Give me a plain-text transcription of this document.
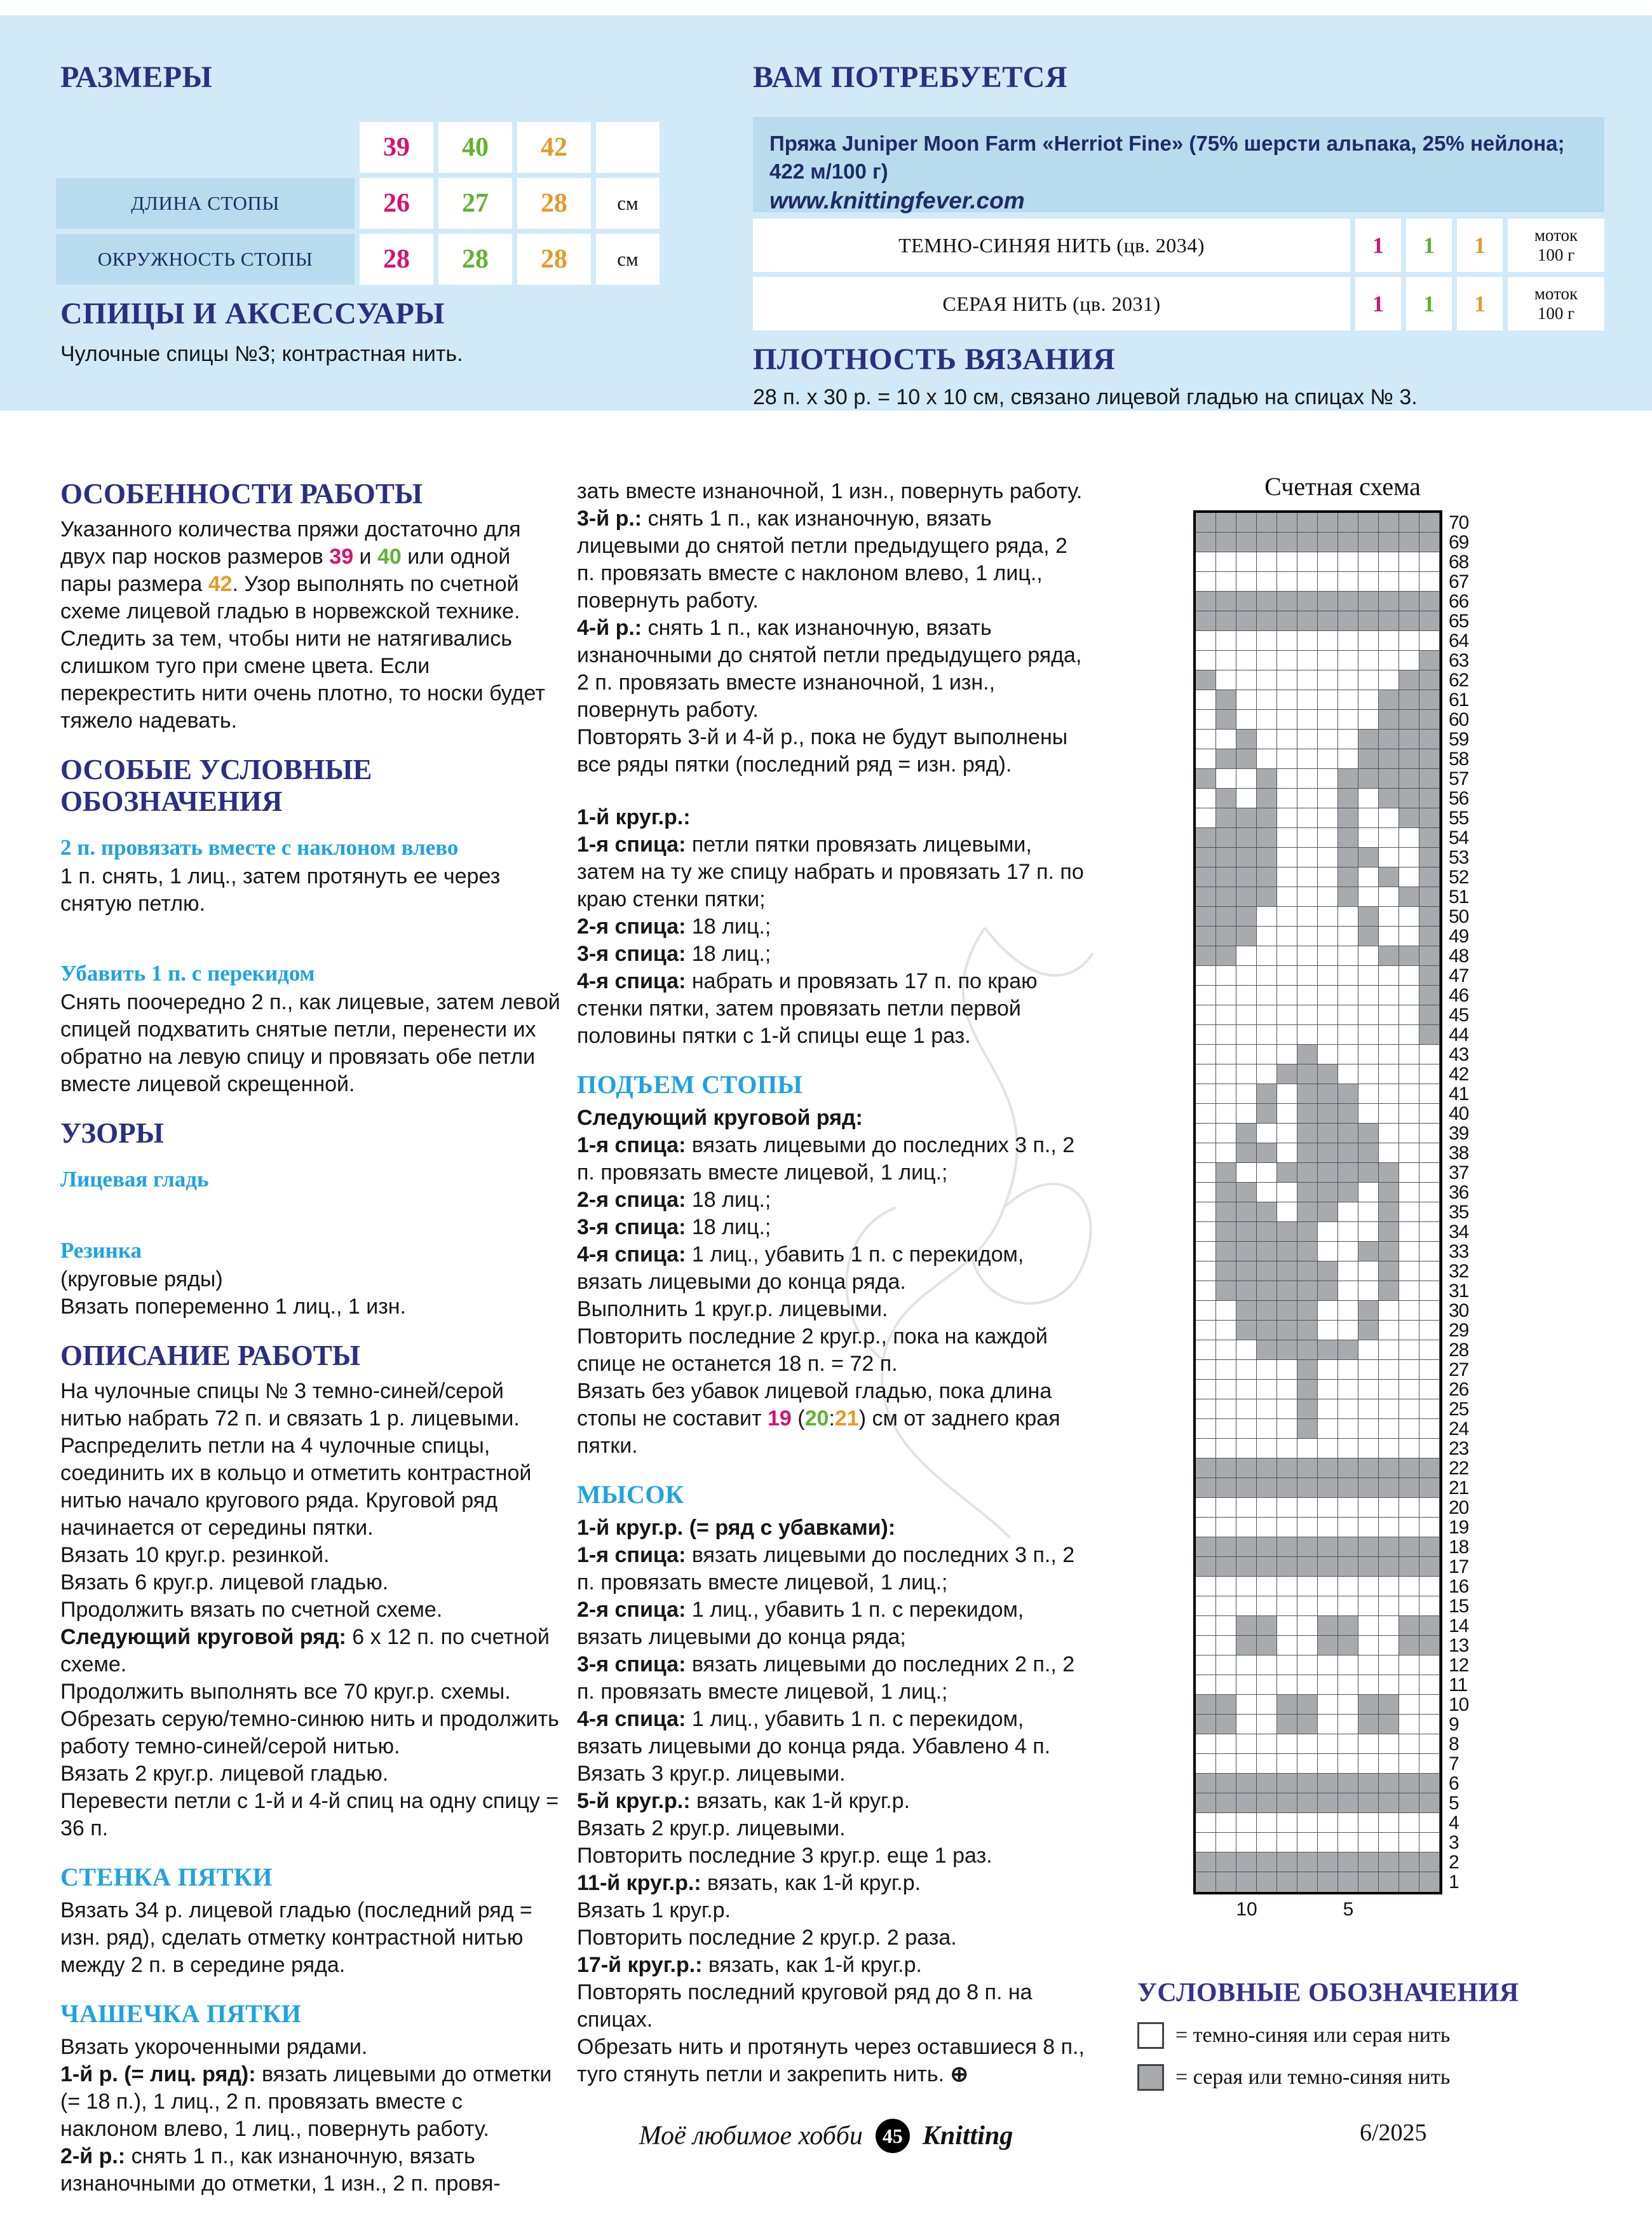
РАЗМЕРЫ
39 40 42
ДЛИНА СТОПЫ	26 27 28	см
ОКРУЖНОСТЬ СТОПЫ	28 28 28	см
СПИЦЫ И АКСЕССУАРЫ
Чулочные спицы №3; контрастная нить.
ВАМ ПОТРЕБУЕТСЯ
Пряжа Juniper Moon Farm «Herriot Fine» (75% шерсти альпака, 25% нейлона; 422 м/100 г)
www.knittingfever.com
ТЕМНО-СИНЯЯ НИТЬ (цв. 2034)	1 1 1	моток
100 г
СЕРАЯ НИТЬ (цв. 2031)	1 1 1	моток
100 г
ПЛОТНОСТЬ ВЯЗАНИЯ
28 п. х 30 р. = 10 х 10 см, связано лицевой гладью на спицах № 3.
ОСОБЕННОСТИ РАБОТЫ
Указанного количества пряжи достаточно для двух пар носков размеров 39 и 40 или одной пары размера 42. Узор выполнять по счетной схеме лицевой гладью в норвежской технике. Следить за тем, чтобы нити не натягивались слишком туго при смене цвета. Если перекрестить нити очень плотно, то носки будет тяжело надевать.
ОСОБЫЕ УСЛОВНЫЕ ОБОЗНАЧЕНИЯ
2 п. провязать вместе с наклоном влево
1 п. снять, 1 лиц., затем протянуть ее через снятую петлю.
Убавить 1 п. с перекидом
Снять поочередно 2 п., как лицевые, затем левой спицей подхватить снятые петли, перенести их обратно на левую спицу и провязать обе петли вместе лицевой скрещенной.
УЗОРЫ
Лицевая гладь
Резинка
(круговые ряды)
Вязать попеременно 1 лиц., 1 изн.
ОПИСАНИЕ РАБОТЫ
На чулочные спицы № 3 темно-синей/серой нитью набрать 72 п. и связать 1 р. лицевыми. Распределить петли на 4 чулочные спицы, соединить их в кольцо и отметить контрастной нитью начало кругового ряда. Круговой ряд начинается от середины пятки.
Вязать 10 круг.р. резинкой.
Вязать 6 круг.р. лицевой гладью.
Продолжить вязать по счетной схеме.
Следующий круговой ряд: 6 х 12 п. по счетной схеме.
Продолжить выполнять все 70 круг.р. схемы.
Обрезать серую/темно-синюю нить и продолжить работу темно-синей/серой нитью.
Вязать 2 круг.р. лицевой гладью.
Перевести петли с 1-й и 4-й спиц на одну спицу = 36 п.
СТЕНКА ПЯТКИ
Вязать 34 р. лицевой гладью (последний ряд = изн. ряд), сделать отметку контрастной нитью между 2 п. в середине ряда.
ЧАШЕЧКА ПЯТКИ
Вязать укороченными рядами.
1-й р. (= лиц. ряд): вязать лицевыми до отметки (= 18 п.), 1 лиц., 2 п. провязать вместе с наклоном влево, 1 лиц., повернуть работу.
2-й р.: снять 1 п., как изнаночную, вязать изнаночными до отметки, 1 изн., 2 п. провя-
зать вместе изнаночной, 1 изн., повернуть работу.
3-й р.: снять 1 п., как изнаночную, вязать лицевыми до снятой петли предыдущего ряда, 2 п. провязать вместе с наклоном влево, 1 лиц., повернуть работу.
4-й р.: снять 1 п., как изнаночную, вязать изнаночными до снятой петли предыдущего ряда, 2 п. провязать вместе изнаночной, 1 изн., повернуть работу.
Повторять 3-й и 4-й р., пока не будут выполнены все ряды пятки (последний ряд = изн. ряд).
1-й круг.р.:
1-я спица: петли пятки провязать лицевыми, затем на ту же спицу набрать и провязать 17 п. по краю стенки пятки;
2-я спица: 18 лиц.;
3-я спица: 18 лиц.;
4-я спица: набрать и провязать 17 п. по краю стенки пятки, затем провязать петли первой половины пятки с 1-й спицы еще 1 раз.
ПОДЪЕМ СТОПЫ
Следующий круговой ряд:
1-я спица: вязать лицевыми до последних 3 п., 2 п. провязать вместе лицевой, 1 лиц.;
2-я спица: 18 лиц.;
3-я спица: 18 лиц.;
4-я спица: 1 лиц., убавить 1 п. с перекидом, вязать лицевыми до конца ряда.
Выполнить 1 круг.р. лицевыми.
Повторить последние 2 круг.р., пока на каждой спице не останется 18 п. = 72 п.
Вязать без убавок лицевой гладью, пока длина стопы не составит 19 (20:21) см от заднего края пятки.
МЫСОК
1-й круг.р. (= ряд с убавками):
1-я спица: вязать лицевыми до последних 3 п., 2 п. провязать вместе лицевой, 1 лиц.;
2-я спица: 1 лиц., убавить 1 п. с перекидом, вязать лицевыми до конца ряда;
3-я спица: вязать лицевыми до последних 2 п., 2 п. провязать вместе лицевой, 1 лиц.;
4-я спица: 1 лиц., убавить 1 п. с перекидом, вязать лицевыми до конца ряда. Убавлено 4 п.
Вязать 3 круг.р. лицевыми.
5-й круг.р.: вязать, как 1-й круг.р.
Вязать 2 круг.р. лицевыми.
Повторить последние 3 круг.р. еще 1 раз.
11-й круг.р.: вязать, как 1-й круг.р.
Вязать 1 круг.р.
Повторить последние 2 круг.р. 2 раза.
17-й круг.р.: вязать, как 1-й круг.р.
Повторять последний круговой ряд до 8 п. на спицах.
Обрезать нить и протянуть через оставшиеся 8 п., туго стянуть петли и закрепить нить. ⊕
Счетная схема
70
69
68
67
66
65
64
63
62
61
60
59
58
57
56
55
54
53
52
51
50
49
48
47
46
45
44
43
42
41
40
39
38
37
36
35
34
33
32
31
30
29
28
27
26
25
24
23
22
21
20
19
18
17
16
15
14
13
12
11
10
9
8
7
6
5
4
3
2
1
10	5
УСЛОВНЫЕ ОБОЗНАЧЕНИЯ
= темно-синяя или серая нить
= серая или темно-синяя нить
Моё любимое хобби 45 Knitting	6/2025
